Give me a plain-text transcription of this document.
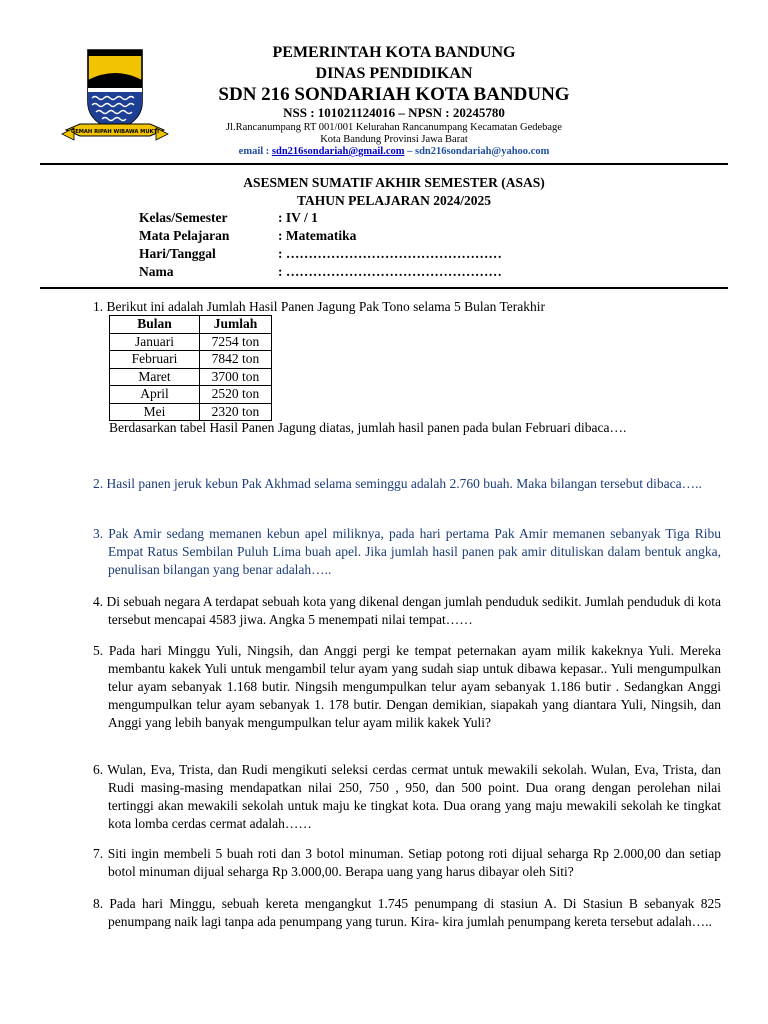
GEMAH RIPAH WIBAWA MUKTI
PEMERINTAH KOTA BANDUNG
DINAS PENDIDIKAN
SDN 216 SONDARIAH KOTA BANDUNG
NSS : 101021124016 – NPSN : 20245780
Jl.Rancanumpang RT 001/001 Kelurahan Rancanumpang Kecamatan Gedebage
Kota Bandung Provinsi Jawa Barat
email : sdn216sondariah@gmail.com – sdn216sondariah@yahoo.com
ASESMEN SUMATIF AKHIR SEMESTER (ASAS)
TAHUN PELAJARAN 2024/2025
Kelas/Semester	: IV / 1
Mata Pelajaran	: Matematika
Hari/Tanggal	: …………………………………………
Nama	: …………………………………………
1. Berikut ini adalah Jumlah Hasil Panen Jagung Pak Tono selama 5 Bulan Terakhir
Bulan	Jumlah
Januari	7254 ton
Februari	7842 ton
Maret	3700 ton
April	2520 ton
Mei	2320 ton
Berdasarkan tabel Hasil Panen Jagung diatas, jumlah hasil panen pada bulan Februari dibaca….
2. Hasil panen jeruk kebun Pak Akhmad selama seminggu adalah 2.760 buah. Maka bilangan tersebut dibaca…..
3. Pak Amir sedang memanen kebun apel miliknya, pada hari pertama Pak Amir memanen sebanyak Tiga Ribu Empat Ratus Sembilan Puluh Lima buah apel. Jika jumlah hasil panen pak amir dituliskan dalam bentuk angka, penulisan bilangan yang benar adalah…..
4. Di sebuah negara A terdapat sebuah kota yang dikenal dengan jumlah penduduk sedikit. Jumlah penduduk di kota tersebut mencapai 4583 jiwa. Angka 5 menempati nilai tempat……
5. Pada hari Minggu Yuli, Ningsih, dan Anggi pergi ke tempat peternakan ayam milik kakeknya Yuli. Mereka membantu kakek Yuli untuk mengambil telur ayam yang sudah siap untuk dibawa kepasar.. Yuli mengumpulkan telur ayam sebanyak 1.168 butir. Ningsih mengumpulkan telur ayam sebanyak 1.186 butir . Sedangkan Anggi mengumpulkan telur ayam sebanyak 1. 178 butir. Dengan demikian, siapakah yang diantara Yuli, Ningsih, dan Anggi yang lebih banyak mengumpulkan telur ayam milik kakek Yuli?
6. Wulan, Eva, Trista, dan Rudi mengikuti seleksi cerdas cermat untuk mewakili sekolah. Wulan, Eva, Trista, dan Rudi masing-masing mendapatkan nilai 250, 750 , 950, dan 500 point. Dua orang dengan perolehan nilai tertinggi akan mewakili sekolah untuk maju ke tingkat kota. Dua orang yang maju mewakili sekolah ke tingkat kota lomba cerdas cermat adalah……
7. Siti ingin membeli 5 buah roti dan 3 botol minuman. Setiap potong roti dijual seharga Rp 2.000,00 dan setiap botol minuman dijual seharga Rp 3.000,00. Berapa uang yang harus dibayar oleh Siti?
8. Pada hari Minggu, sebuah kereta mengangkut 1.745 penumpang di stasiun A. Di Stasiun B sebanyak 825 penumpang naik lagi tanpa ada penumpang yang turun. Kira- kira jumlah penumpang kereta tersebut adalah…..
